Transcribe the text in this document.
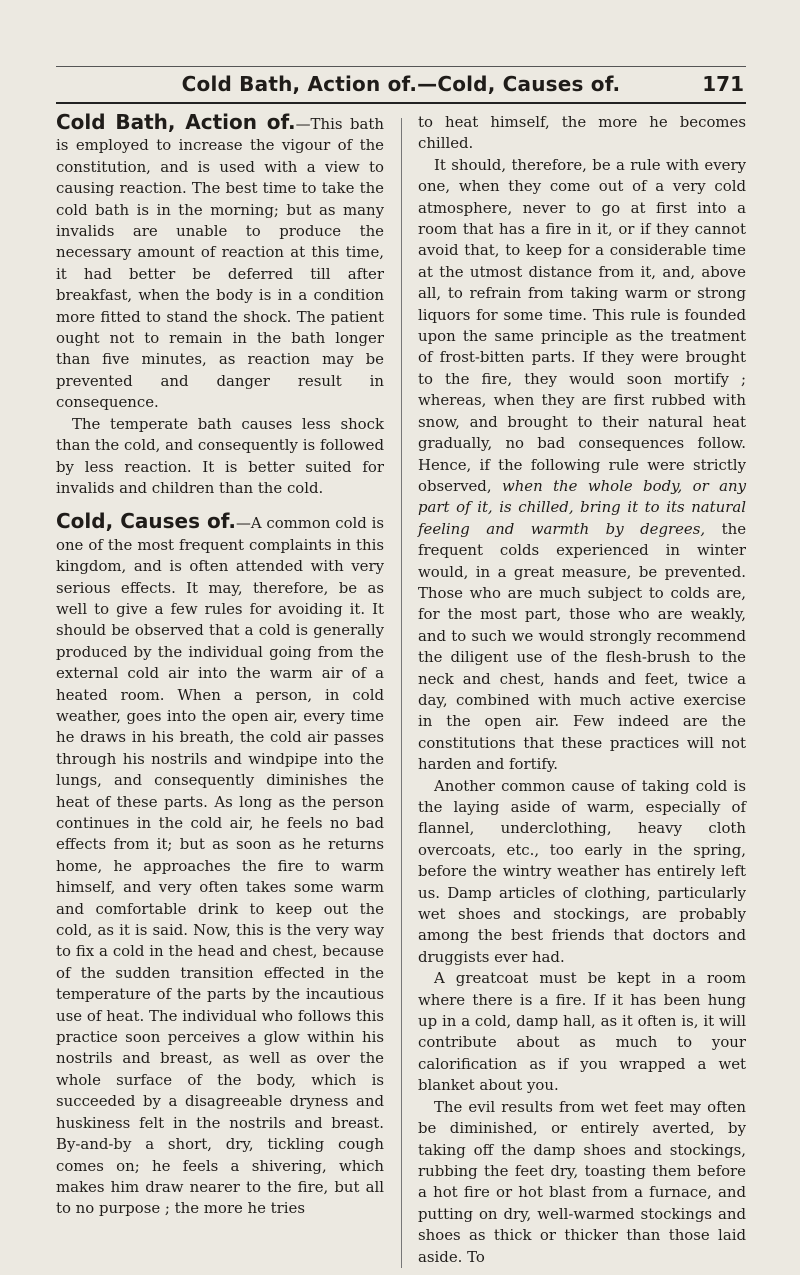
Cold Bath, Action of.—Cold, Causes of.	171

Cold Bath, Action of.—This bath is employed to increase the vigour of the constitution, and is used with a view to causing reaction. The best time to take the cold bath is in the morning; but as many invalids are unable to produce the necessary amount of reaction at this time, it had better be deferred till after breakfast, when the body is in a condition more fitted to stand the shock. The patient ought not to remain in the bath longer than five minutes, as reaction may be prevented and danger result in consequence.

The temperate bath causes less shock than the cold, and consequently is followed by less reaction. It is better suited for invalids and children than the cold.

Cold, Causes of.—A common cold is one of the most frequent complaints in this kingdom, and is often attended with very serious effects. It may, therefore, be as well to give a few rules for avoiding it. It should be observed that a cold is generally produced by the individual going from the external cold air into the warm air of a heated room. When a person, in cold weather, goes into the open air, every time he draws in his breath, the cold air passes through his nostrils and windpipe into the lungs, and consequently diminishes the heat of these parts. As long as the person continues in the cold air, he feels no bad effects from it; but as soon as he returns home, he approaches the fire to warm himself, and very often takes some warm and comfortable drink to keep out the cold, as it is said. Now, this is the very way to fix a cold in the head and chest, because of the sudden transition effected in the temperature of the parts by the incautious use of heat. The individual who follows this practice soon perceives a glow within his nostrils and breast, as well as over the whole surface of the body, which is succeeded by a disagreeable dryness and huskiness felt in the nostrils and breast. By-and-by a short, dry, tickling cough comes on; he feels a shivering, which makes him draw nearer to the fire, but all to no purpose ; the more he tries

to heat himself, the more he becomes chilled.

It should, therefore, be a rule with every one, when they come out of a very cold atmosphere, never to go at first into a room that has a fire in it, or if they cannot avoid that, to keep for a considerable time at the utmost distance from it, and, above all, to refrain from taking warm or strong liquors for some time. This rule is founded upon the same principle as the treatment of frost-bitten parts. If they were brought to the fire, they would soon mortify ; whereas, when they are first rubbed with snow, and brought to their natural heat gradually, no bad consequences follow. Hence, if the following rule were strictly observed, when the whole body, or any part of it, is chilled, bring it to its natural feeling and warmth by degrees, the frequent colds experienced in winter would, in a great measure, be prevented. Those who are much subject to colds are, for the most part, those who are weakly, and to such we would strongly recommend the diligent use of the flesh-brush to the neck and chest, hands and feet, twice a day, combined with much active exercise in the open air. Few indeed are the constitutions that these practices will not harden and fortify.

Another common cause of taking cold is the laying aside of warm, especially of flannel, underclothing, heavy cloth overcoats, etc., too early in the spring, before the wintry weather has entirely left us. Damp articles of clothing, particularly wet shoes and stockings, are probably among the best friends that doctors and druggists ever had.

A greatcoat must be kept in a room where there is a fire. If it has been hung up in a cold, damp hall, as it often is, it will contribute about as much to your calorification as if you wrapped a wet blanket about you.

The evil results from wet feet may often be diminished, or entirely averted, by taking off the damp shoes and stockings, rubbing the feet dry, toasting them before a hot fire or hot blast from a furnace, and putting on dry, well-warmed stockings and shoes as thick or thicker than those laid aside. To
